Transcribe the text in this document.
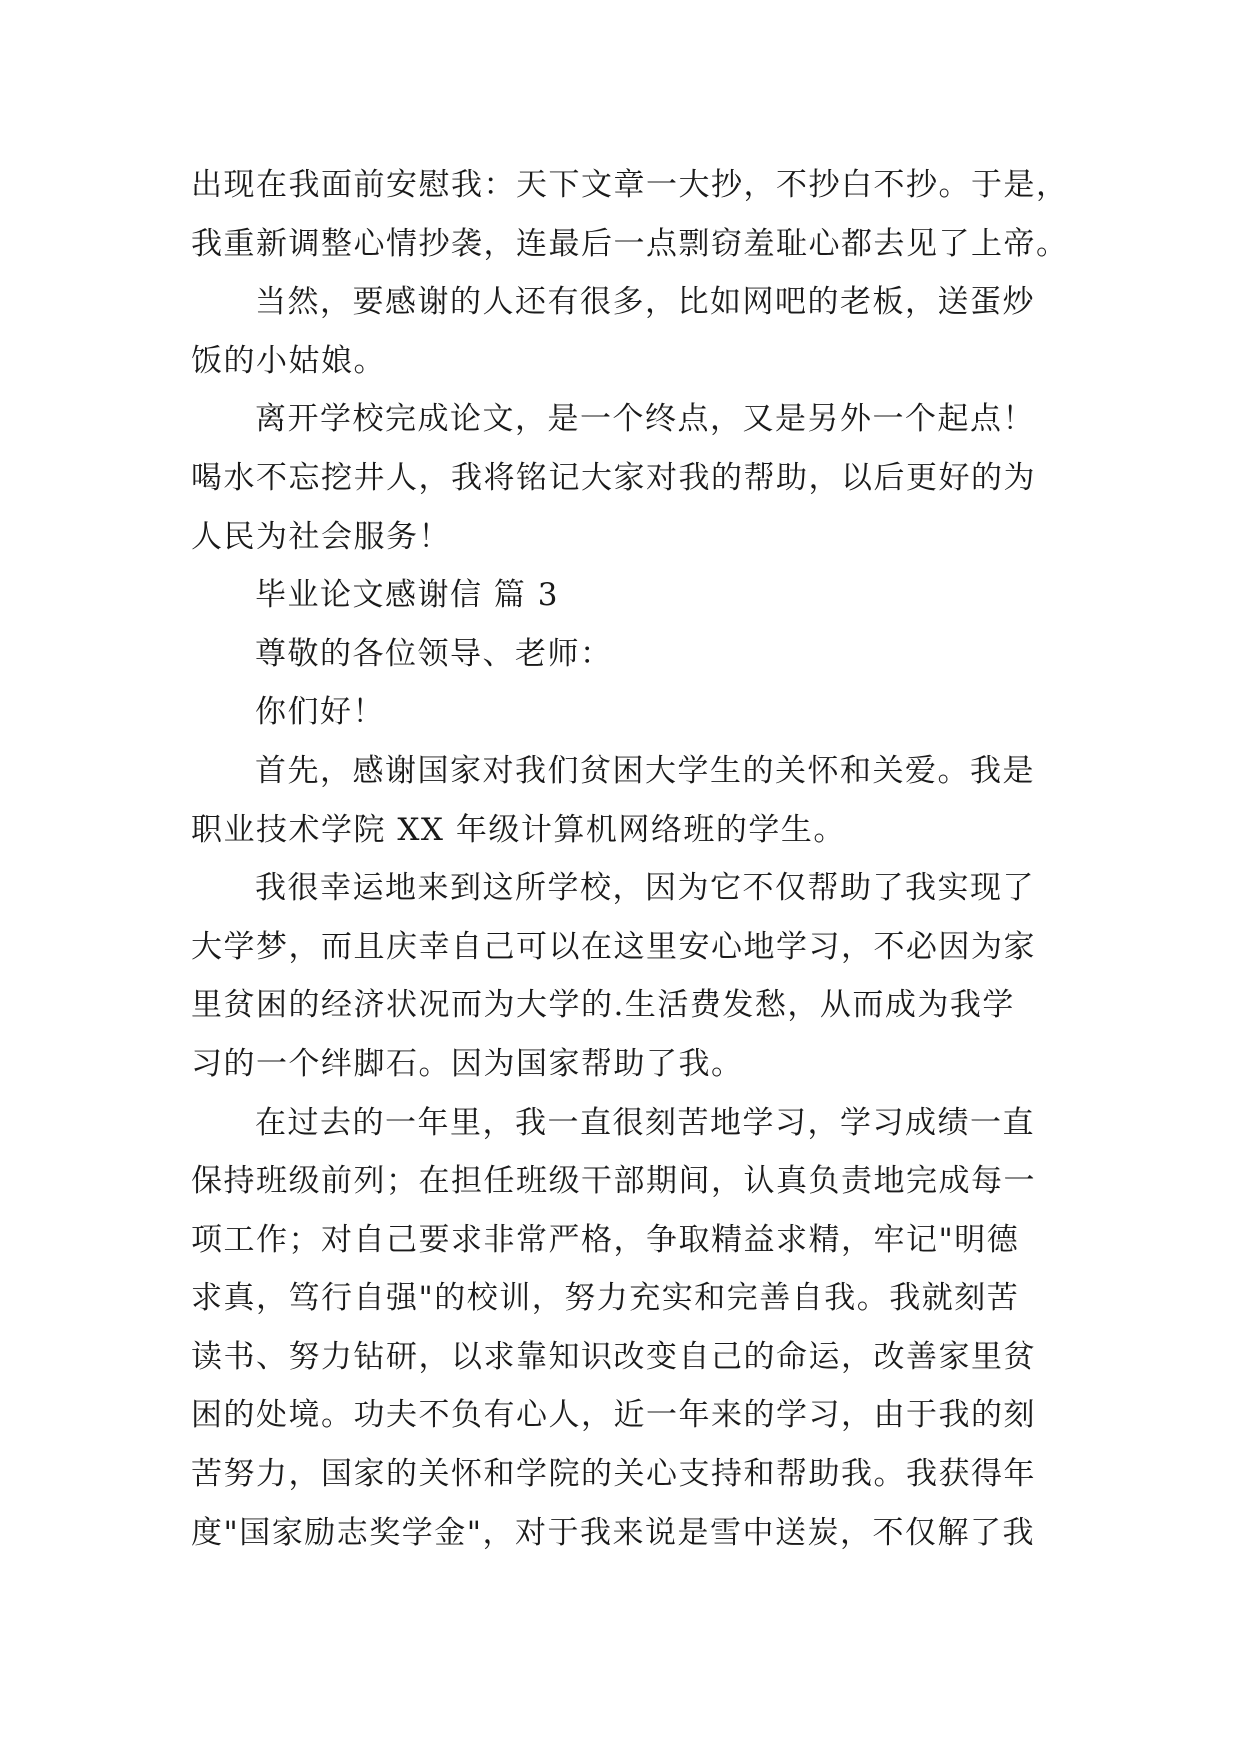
出现在我面前安慰我：天下文章一大抄，不抄白不抄。于是，
我重新调整心情抄袭，连最后一点剽窃羞耻心都去见了上帝。
当然，要感谢的人还有很多，比如网吧的老板，送蛋炒
饭的小姑娘。
离开学校完成论文，是一个终点，又是另外一个起点！
喝水不忘挖井人，我将铭记大家对我的帮助，以后更好的为
人民为社会服务！
毕业论文感谢信 篇 3
尊敬的各位领导、老师：
你们好！
首先，感谢国家对我们贫困大学生的关怀和关爱。我是
职业技术学院 XX 年级计算机网络班的学生。
我很幸运地来到这所学校，因为它不仅帮助了我实现了
大学梦，而且庆幸自己可以在这里安心地学习，不必因为家
里贫困的经济状况而为大学的.生活费发愁，从而成为我学
习的一个绊脚石。因为国家帮助了我。
在过去的一年里，我一直很刻苦地学习，学习成绩一直
保持班级前列；在担任班级干部期间，认真负责地完成每一
项工作；对自己要求非常严格，争取精益求精，牢记"明德
求真，笃行自强"的校训，努力充实和完善自我。我就刻苦
读书、努力钻研，以求靠知识改变自己的命运，改善家里贫
困的处境。功夫不负有心人，近一年来的学习，由于我的刻
苦努力，国家的关怀和学院的关心支持和帮助我。我获得年
度"国家励志奖学金"，对于我来说是雪中送炭，不仅解了我
